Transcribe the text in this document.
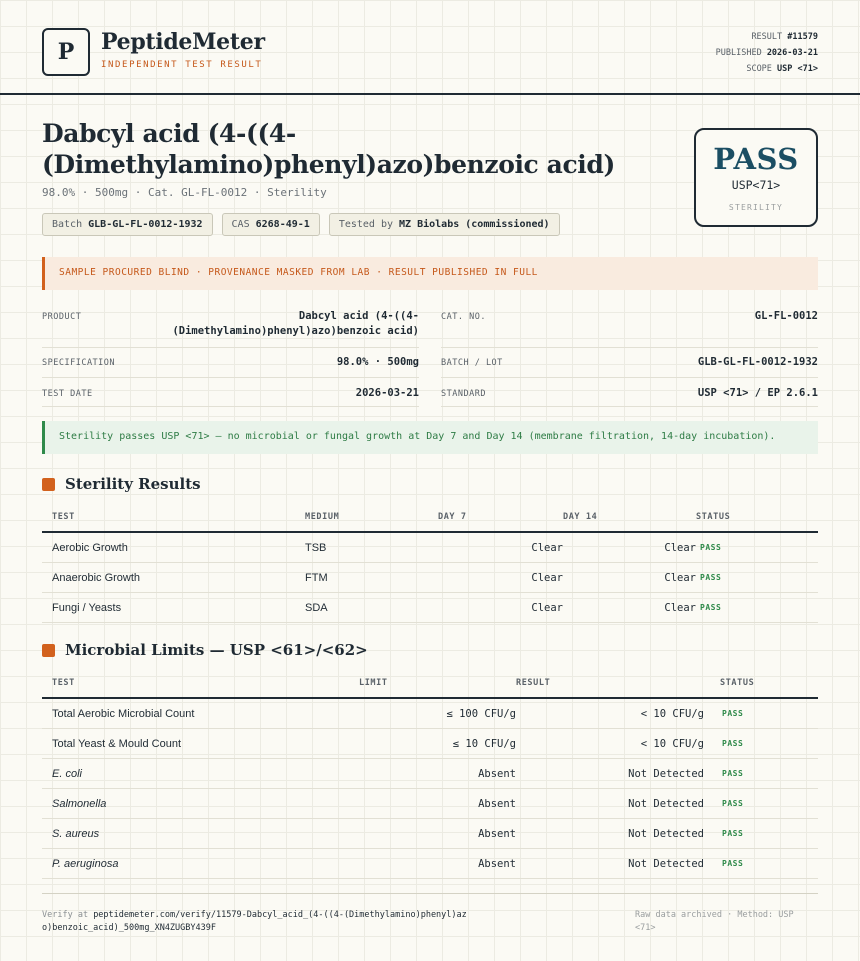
P	PeptideMeter
INDEPENDENT TEST RESULT
RESULT #11579
PUBLISHED 2026-03-21
SCOPE USP <71>
Dabcyl acid (4-((4-(Dimethylamino)phenyl)azo)benzoic acid)
98.0% · 500mg · Cat. GL-FL-0012 · Sterility
Batch GLB-GL-FL-0012-1932	CAS 6268-49-1	Tested by MZ Biolabs (commissioned)
PASS
USP<71>
STERILITY
SAMPLE PROCURED BLIND · PROVENANCE MASKED FROM LAB · RESULT PUBLISHED IN FULL
PRODUCT	Dabcyl acid (4-((4-(Dimethylamino)phenyl)azo)benzoic acid)
CAT. NO.	GL-FL-0012
SPECIFICATION	98.0% · 500mg	BATCH / LOT	GLB-GL-FL-0012-1932
TEST DATE	2026-03-21	STANDARD	USP <71> / EP 2.6.1
Sterility passes USP <71> — no microbial or fungal growth at Day 7 and Day 14 (membrane filtration, 14-day incubation).
Sterility Results
TEST	MEDIUM	DAY 7	DAY 14	STATUS
Aerobic Growth	TSB	Clear	Clear	PASS
Anaerobic Growth	FTM	Clear	Clear	PASS
Fungi / Yeasts	SDA	Clear	Clear	PASS
Microbial Limits — USP <61>/<62>
TEST	LIMIT	RESULT	STATUS
Total Aerobic Microbial Count	≤ 100 CFU/g	< 10 CFU/g	PASS
Total Yeast & Mould Count	≤ 10 CFU/g	< 10 CFU/g	PASS
E. coli	Absent	Not Detected	PASS
Salmonella	Absent	Not Detected	PASS
S. aureus	Absent	Not Detected	PASS
P. aeruginosa	Absent	Not Detected	PASS
Verify at peptidemeter.com/verify/11579-Dabcyl_acid_(4-((4-(Dimethylamino)phenyl)azo)benzoic_acid)_500mg_XN4ZUGBY439F
Raw data archived · Method: USP <71>
